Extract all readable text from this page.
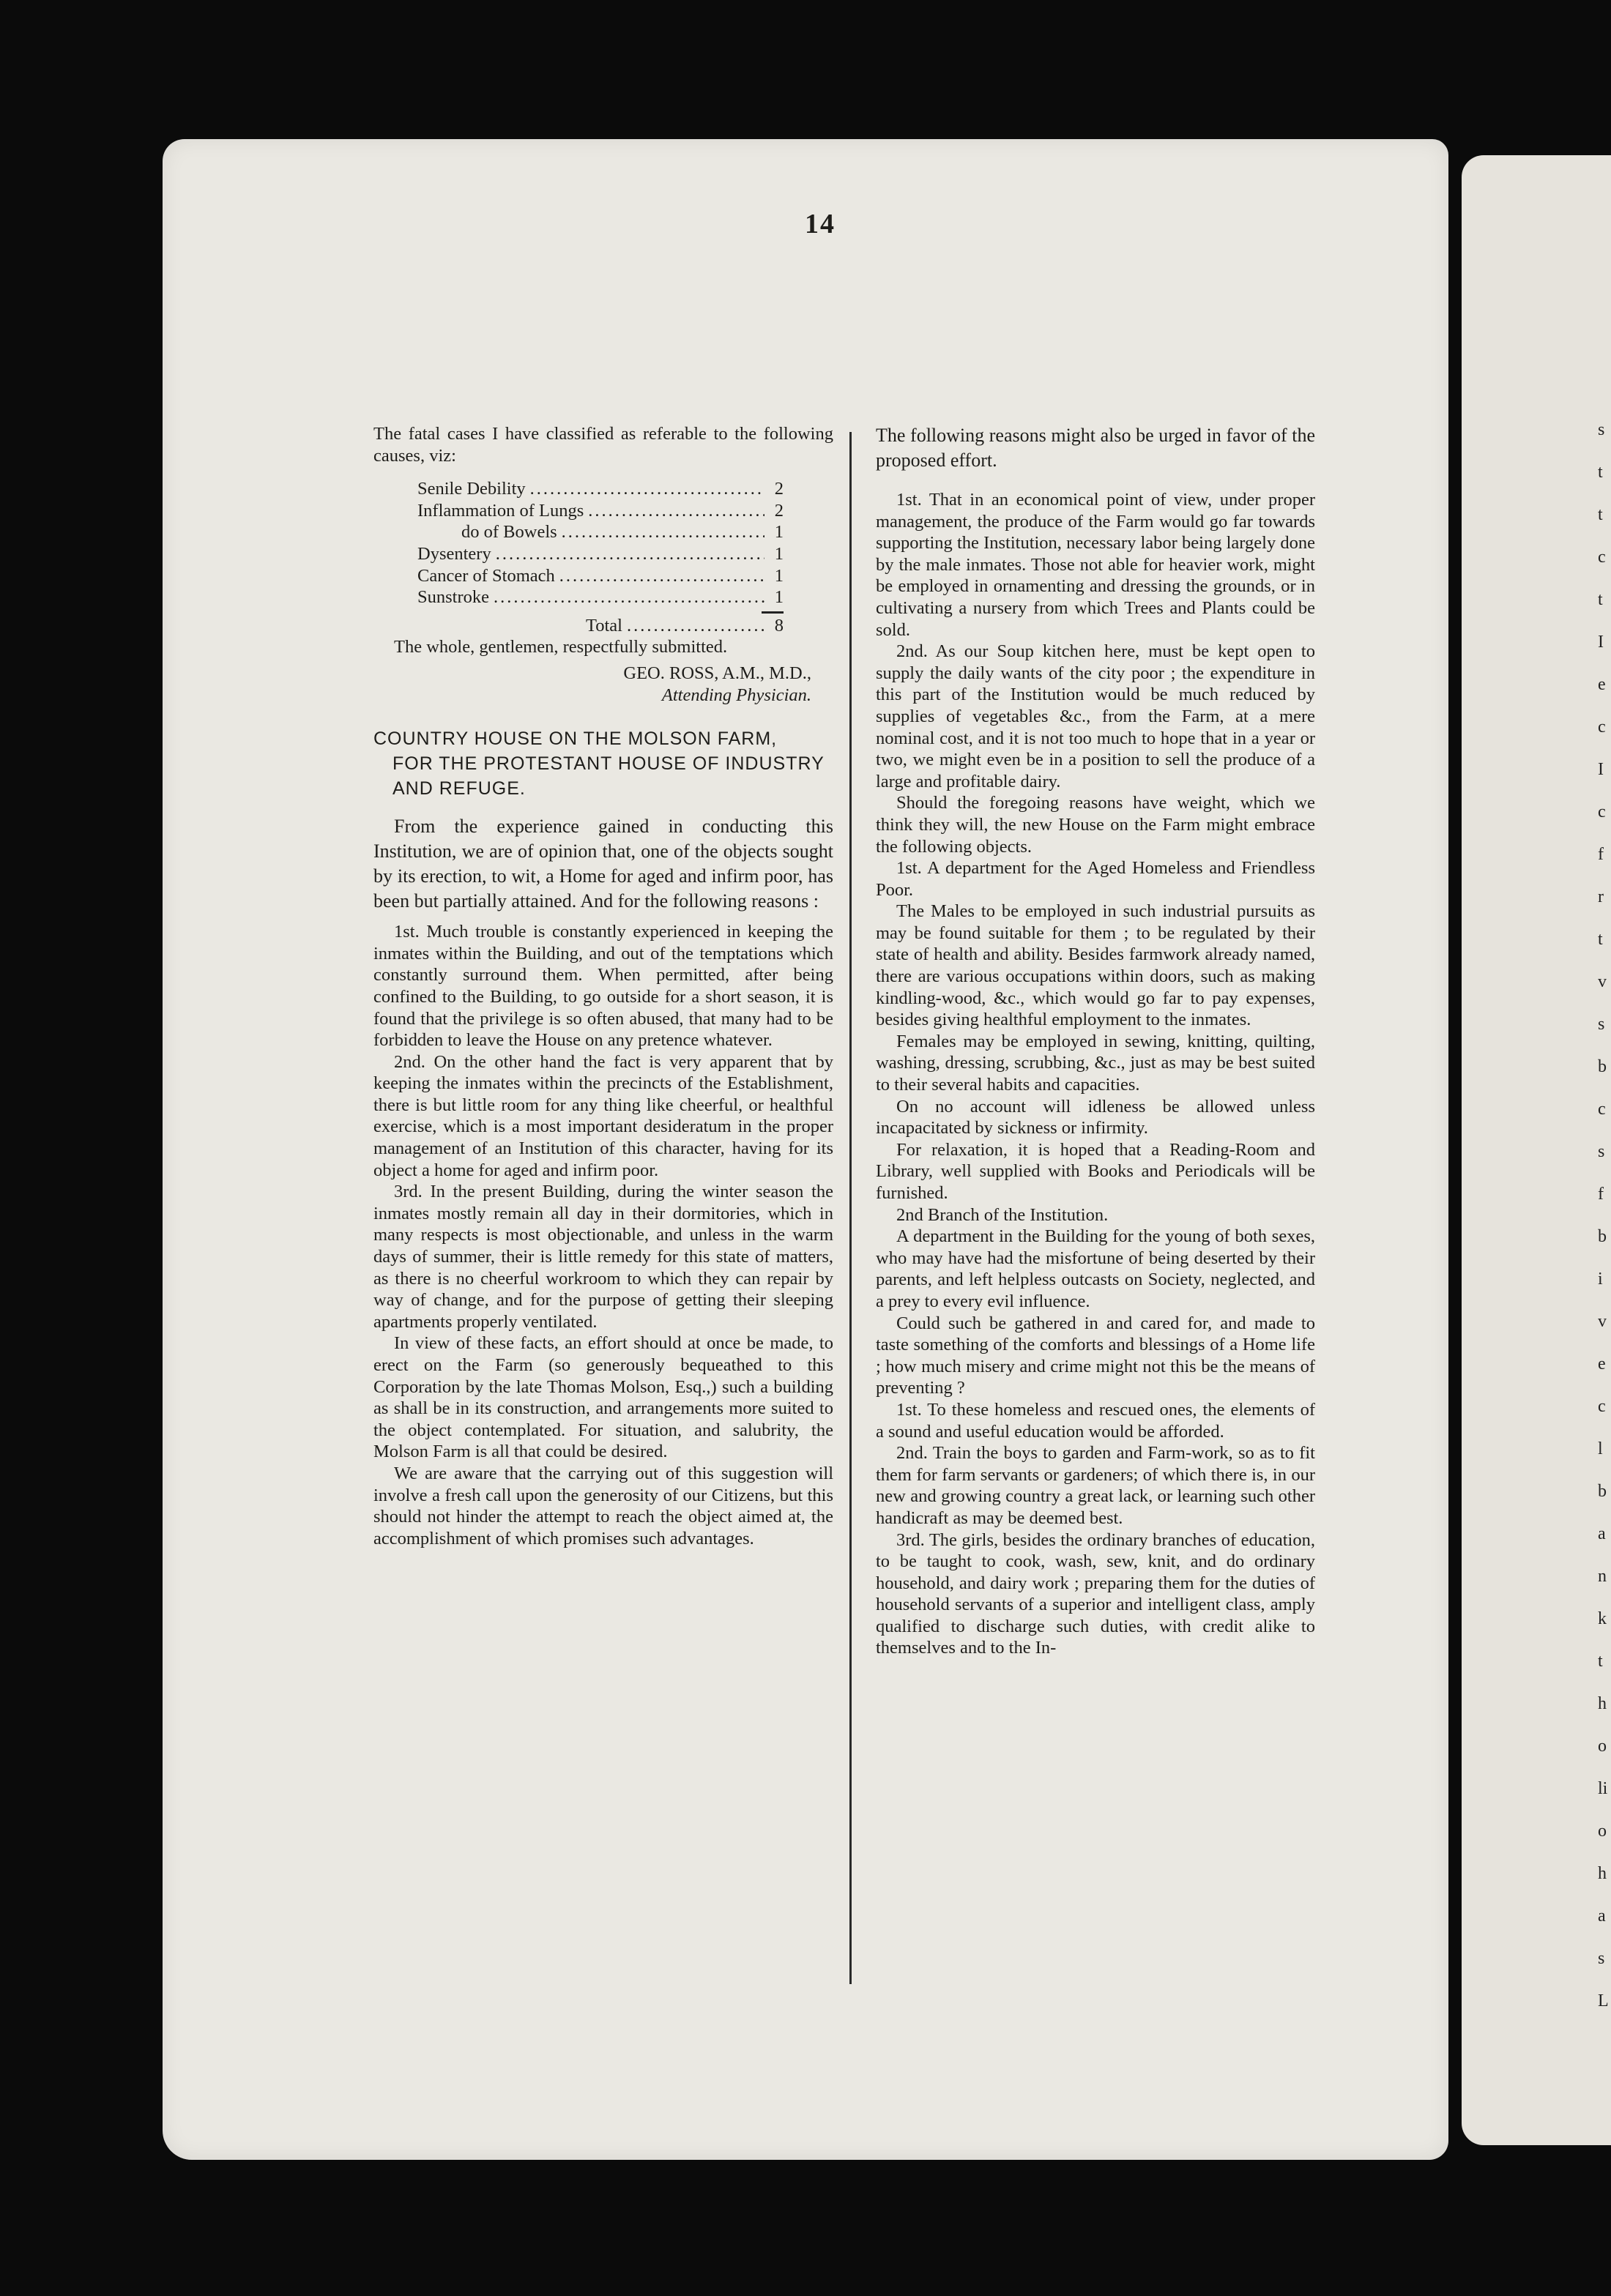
s
t
t
c
t
I
e
c
I
c
f
r
t
v
s
b
c
s
f
b
i
v
e
c
l
b
a
n
k
t
h
o
li
o
h
a
s
L
14

The fatal cases I have classified as referable to the following causes, viz:

Senile Debility .....	2
Inflammation of Lungs .....	2
do of Bowels .....	1
Dysentery .....	1
Cancer of Stomach .....	1
Sunstroke .....	1
Total .....	8

The whole, gentlemen, respectfully submitted.

GEO. ROSS, A.M., M.D.,
Attending Physician.
COUNTRY HOUSE ON THE MOLSON FARM,
FOR THE PROTESTANT HOUSE OF INDUSTRY AND REFUGE.

From the experience gained in conducting this Institution, we are of opinion that, one of the objects sought by its erection, to wit, a Home for aged and infirm poor, has been but partially attained. And for the following reasons :

1st. Much trouble is constantly experienced in keeping the inmates within the Building, and out of the temptations which constantly surround them. When permitted, after being confined to the Building, to go outside for a short season, it is found that the privilege is so often abused, that many had to be forbidden to leave the House on any pretence whatever.

2nd. On the other hand the fact is very apparent that by keeping the inmates within the precincts of the Establishment, there is but little room for any thing like cheerful, or healthful exercise, which is a most important desideratum in the proper management of an Institution of this character, having for its object a home for aged and infirm poor.

3rd. In the present Building, during the winter season the inmates mostly remain all day in their dormitories, which in many respects is most objectionable, and unless in the warm days of summer, their is little remedy for this state of matters, as there is no cheerful workroom to which they can repair by way of change, and for the purpose of getting their sleeping apartments properly ventilated.

In view of these facts, an effort should at once be made, to erect on the Farm (so generously bequeathed to this Corporation by the late Thomas Molson, Esq.,) such a building as shall be in its construction, and arrangements more suited to the object contemplated. For situation, and salubrity, the Molson Farm is all that could be desired.

We are aware that the carrying out of this suggestion will involve a fresh call upon the generosity of our Citizens, but this should not hinder the attempt to reach the object aimed at, the accomplishment of which promises such advantages.

The following reasons might also be urged in favor of the proposed effort.

1st. That in an economical point of view, under proper management, the produce of the Farm would go far towards supporting the Institution, necessary labor being largely done by the male inmates. Those not able for heavier work, might be employed in ornamenting and dressing the grounds, or in cultivating a nursery from which Trees and Plants could be sold.

2nd. As our Soup kitchen here, must be kept open to supply the daily wants of the city poor ; the expenditure in this part of the Institution would be much reduced by supplies of vegetables &c., from the Farm, at a mere nominal cost, and it is not too much to hope that in a year or two, we might even be in a position to sell the produce of a large and profitable dairy.

Should the foregoing reasons have weight, which we think they will, the new House on the Farm might embrace the following objects.

1st. A department for the Aged Homeless and Friendless Poor.

The Males to be employed in such industrial pursuits as may be found suitable for them ; to be regulated by their state of health and ability. Besides farmwork already named, there are various occupations within doors, such as making kindling-wood, &c., which would go far to pay expenses, besides giving healthful employment to the inmates.

Females may be employed in sewing, knitting, quilting, washing, dressing, scrubbing, &c., just as may be best suited to their several habits and capacities.

On no account will idleness be allowed unless incapacitated by sickness or infirmity.

For relaxation, it is hoped that a Reading-Room and Library, well supplied with Books and Periodicals will be furnished.

2nd Branch of the Institution.

A department in the Building for the young of both sexes, who may have had the misfortune of being deserted by their parents, and left helpless outcasts on Society, neglected, and a prey to every evil influence.

Could such be gathered in and cared for, and made to taste something of the comforts and blessings of a Home life ; how much misery and crime might not this be the means of preventing ?

1st. To these homeless and rescued ones, the elements of a sound and useful education would be afforded.

2nd. Train the boys to garden and Farm-work, so as to fit them for farm servants or gardeners; of which there is, in our new and growing country a great lack, or learning such other handicraft as may be deemed best.

3rd. The girls, besides the ordinary branches of education, to be taught to cook, wash, sew, knit, and do ordinary household, and dairy work ; preparing them for the duties of household servants of a superior and intelligent class, amply qualified to discharge such duties, with credit alike to themselves and to the In-
